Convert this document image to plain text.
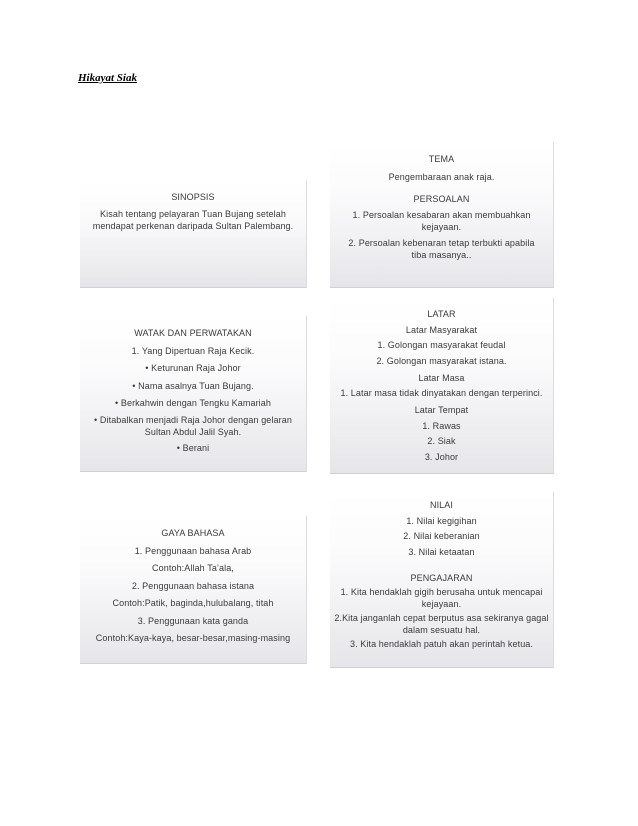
Hikayat Siak
SINOPSIS
Kisah tentang pelayaran Tuan Bujang setelah mendapat perkenan daripada Sultan Palembang.
TEMA
Pengembaraan anak raja.
PERSOALAN
1. Persoalan kesabaran akan membuahkan kejayaan.
2. Persoalan kebenaran tetap terbukti apabila tiba masanya..
WATAK DAN PERWATAKAN
1. Yang Dipertuan Raja Kecik.
• Keturunan Raja Johor
• Nama asalnya Tuan Bujang.
• Berkahwin dengan Tengku Kamariah
• Ditabalkan menjadi Raja Johor dengan gelaran Sultan Abdul Jalil Syah.
• Berani
LATAR
Latar Masyarakat
1. Golongan masyarakat feudal
2. Golongan masyarakat istana.
Latar Masa
1. Latar masa tidak dinyatakan dengan terperinci.
Latar Tempat
1. Rawas
2. Siak
3. Johor
GAYA BAHASA
1. Penggunaan bahasa Arab
Contoh:Allah Ta’ala,
2. Penggunaan bahasa istana
Contoh:Patik, baginda,hulubalang, titah
3. Penggunaan kata ganda
Contoh:Kaya-kaya, besar-besar,masing-masing
NILAI
1. Nilai kegigihan
2. Nilai keberanian
3. Nilai ketaatan
PENGAJARAN
1. Kita hendaklah gigih berusaha untuk mencapai kejayaan.
2.Kita janganlah cepat berputus asa sekiranya gagal dalam sesuatu hal.
3. Kita hendaklah patuh akan perintah ketua.
